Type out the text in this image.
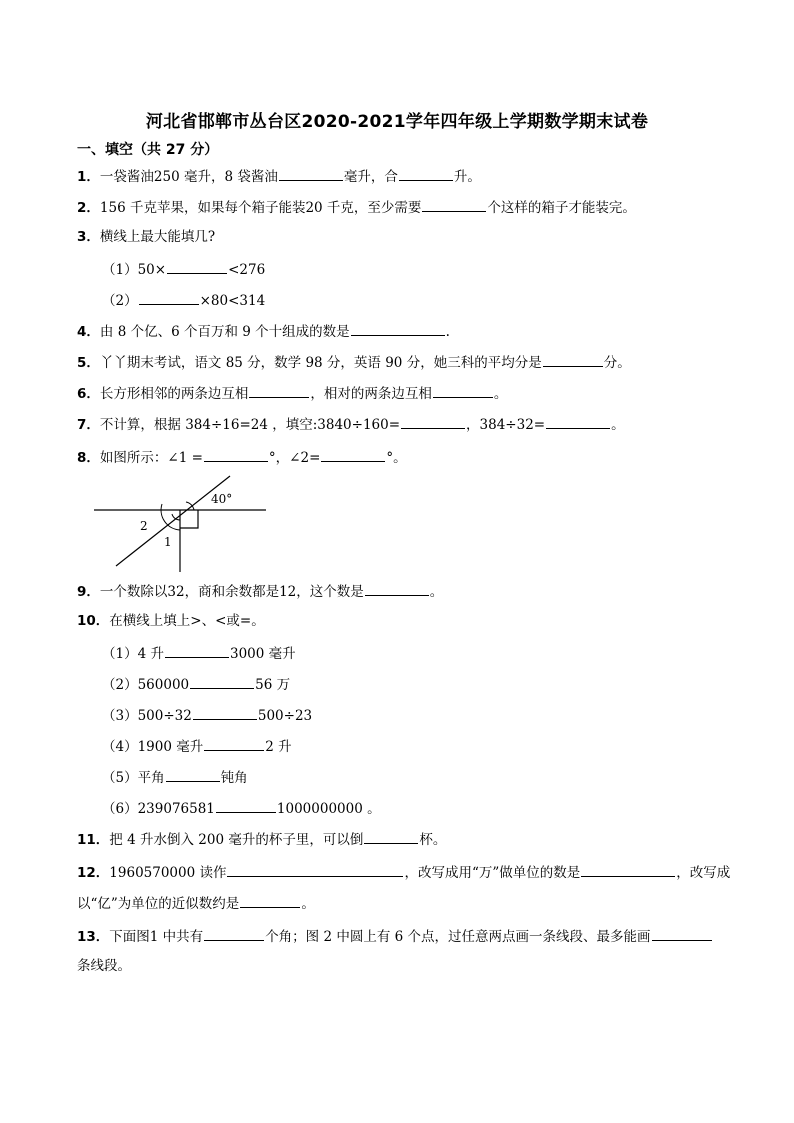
河北省邯郸市丛台区2020-2021学年四年级上学期数学期末试卷
一、填空（共 27 分）
1．一袋酱油250 毫升，8 袋酱油	毫升，合	升。
2．156 千克苹果，如果每个箱子能装20 千克，至少需要	个这样的箱子才能装完。
3．横线上最大能填几?
（1）50×	<276
（2）	×80<314
4．由 8 个亿、6 个百万和 9 个十组成的数是	.
5．丫丫期末考试，语文 85 分，数学 98 分，英语 90 分，她三科的平均分是	分。
6．长方形相邻的两条边互相	，相对的两条边互相	。
7．不计算，根据 384÷16=24 ，填空:3840÷160=	，384÷32=	。
8．如图所示：∠1 =	°，∠2=	°。
40°
2
1
9．一个数除以32，商和余数都是12，这个数是	。
10．在横线上填上>、<或=。
（1）4 升	3000 毫升
（2）560000	56 万
（3）500÷32	500÷23
（4）1900 毫升	2 升
（5）平角	钝角
（6）239076581	1000000000 。
11．把 4 升水倒入 200 毫升的杯子里，可以倒	杯。
12．1960570000 读作	，改写成用“万”做单位的数是	，改写成
以“亿”为单位的近似数约是	。
13．下面图1 中共有	个角；图 2 中圆上有 6 个点，过任意两点画一条线段、最多能画
条线段。
